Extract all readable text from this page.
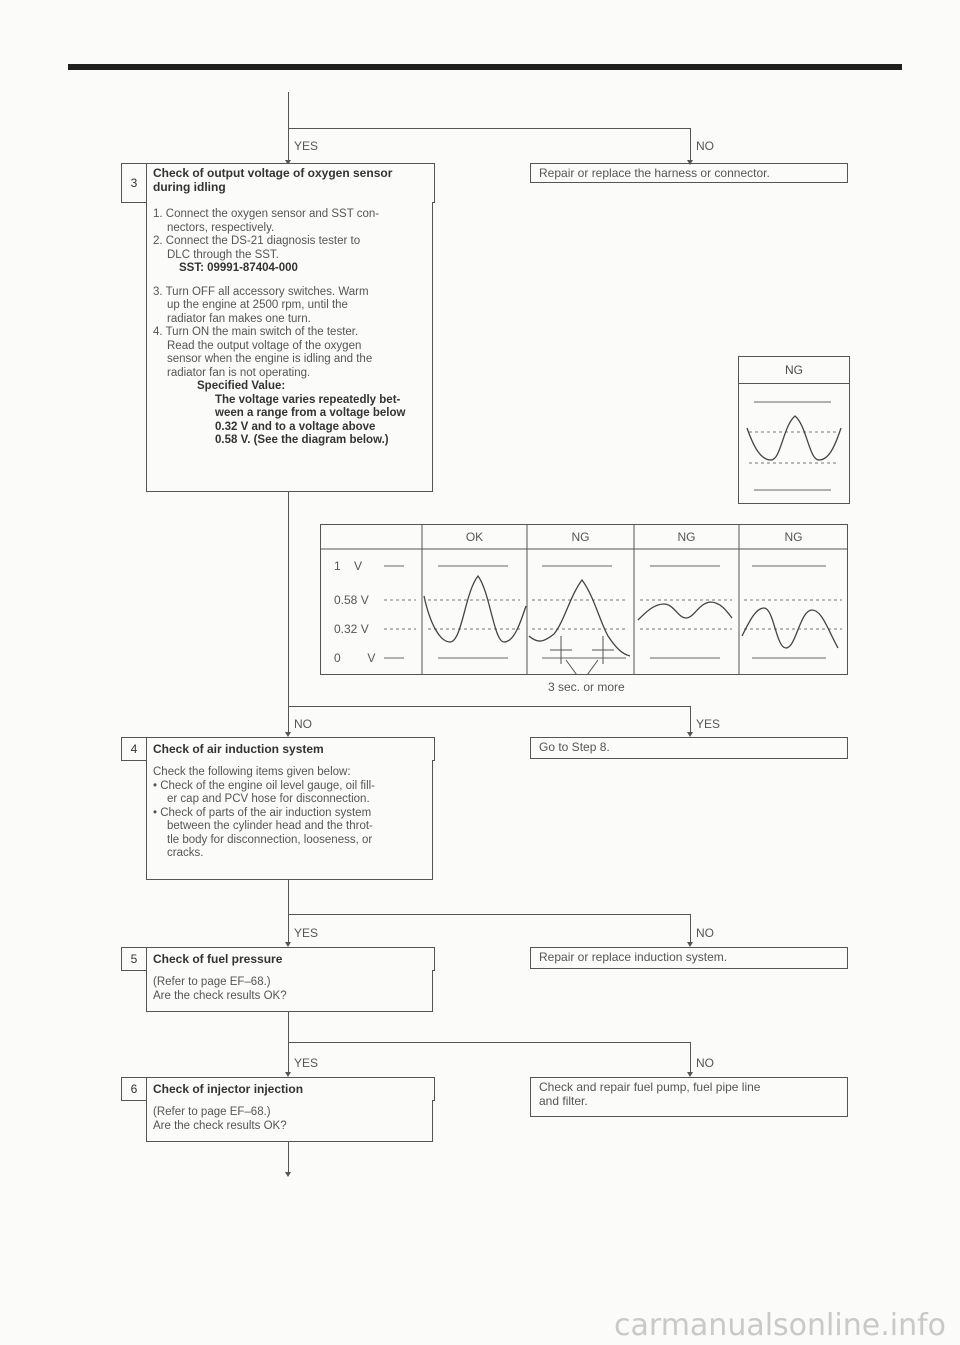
YES	NO
3
Check of output voltage of oxygen sensor during idling
1. Connect the oxygen sensor and SST con-
nectors, respectively.
2. Connect the DS-21 diagnosis tester to
DLC through the SST.
SST: 09991-87404-000
3. Turn OFF all accessory switches. Warm
up the engine at 2500 rpm, until the
radiator fan makes one turn.
4. Turn ON the main switch of the tester.
Read the output voltage of the oxygen
sensor when the engine is idling and the
radiator fan is not operating.
Specified Value:
The voltage varies repeatedly bet-
ween a range from a voltage below
0.32 V and to a voltage above
0.58 V. (See the diagram below.)
Repair or replace the harness or connector.
NG
OK	NG	NG	NG
1    V
0.58 V
0.32 V
0        V
3 sec. or more
NO	YES
4	Check of air induction system
Check the following items given below:
• Check of the engine oil level gauge, oil fill-
er cap and PCV hose for disconnection.
• Check of parts of the air induction system
between the cylinder head and the throt-
tle body for disconnection, looseness, or
cracks.
Go to Step 8.
YES	NO
5	Check of fuel pressure
(Refer to page EF–68.)
Are the check results OK?
Repair or replace induction system.
YES	NO
6	Check of injector injection
(Refer to page EF–68.)
Are the check results OK?
Check and repair fuel pump, fuel pipe line
and filter.
carmanualsonline.info
